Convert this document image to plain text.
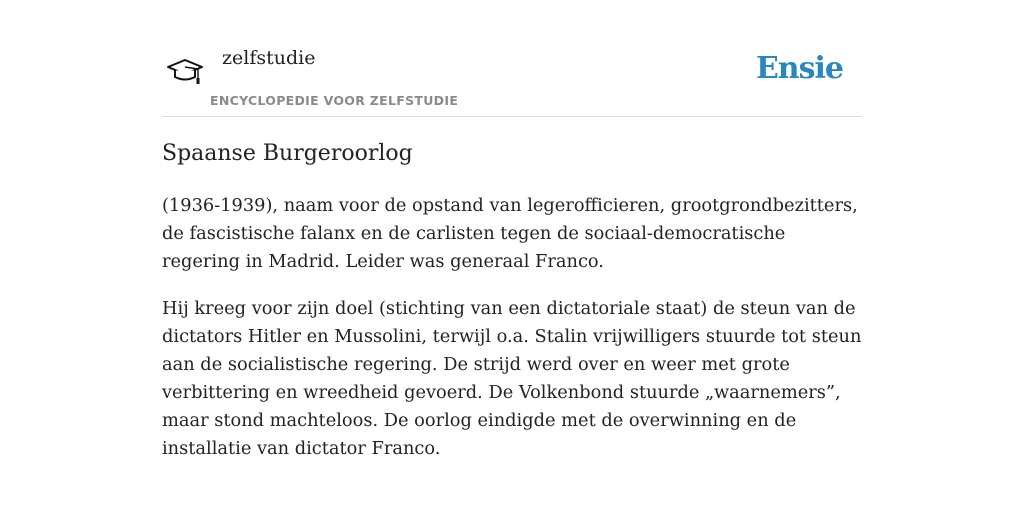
zelfstudie
ENCYCLOPEDIE VOOR ZELFSTUDIE
Ensie
Spaanse Burgeroorlog

(1936-1939), naam voor de opstand van legerofficieren, grootgrondbezitters, de fascistische falanx en de carlisten tegen de sociaal-democratische regering in Madrid. Leider was generaal Franco.

Hij kreeg voor zijn doel (stichting van een dictatoriale staat) de steun van de dictators Hitler en Mussolini, terwijl o.a. Stalin vrijwilligers stuurde tot steun aan de socialistische regering. De strijd werd over en weer met grote verbittering en wreedheid gevoerd. De Volkenbond stuurde „waarnemers”, maar stond machteloos. De oorlog eindigde met de overwinning en de installatie van dictator Franco.
